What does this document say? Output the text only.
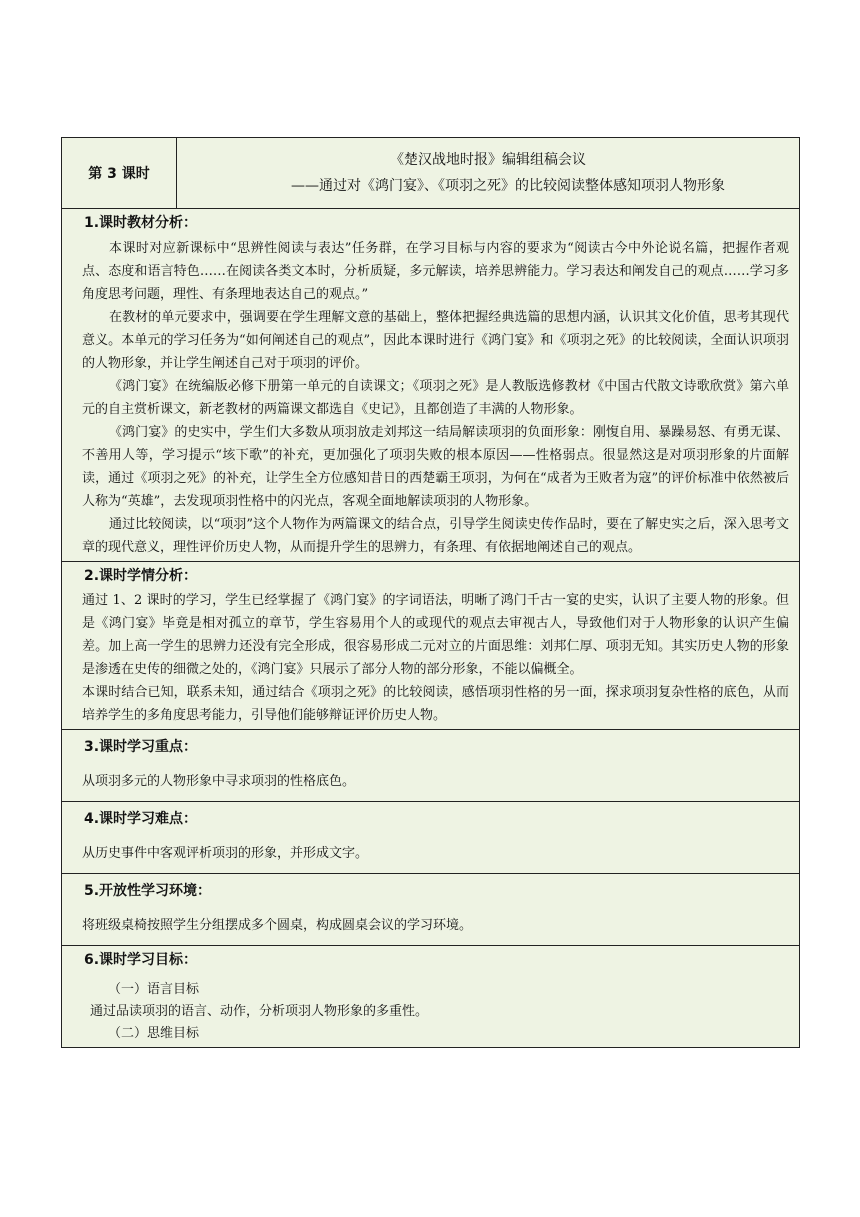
第 3 课时	
《楚汉战地时报》编辑组稿会议
——通过对《鸿门宴》、《项羽之死》的比较阅读整体感知项羽人物形象

1.课时教材分析：

本课时对应新课标中“思辨性阅读与表达”任务群，在学习目标与内容的要求为“阅读古今中外论说名篇，把握作者观点、态度和语言特色……在阅读各类文本时，分析质疑，多元解读，培养思辨能力。学习表达和阐发自己的观点……学习多角度思考问题，理性、有条理地表达自己的观点。”

在教材的单元要求中，强调要在学生理解文意的基础上，整体把握经典选篇的思想内涵，认识其文化价值，思考其现代意义。本单元的学习任务为“如何阐述自己的观点”，因此本课时进行《鸿门宴》和《项羽之死》的比较阅读，全面认识项羽的人物形象，并让学生阐述自己对于项羽的评价。

《鸿门宴》在统编版必修下册第一单元的自读课文；《项羽之死》是人教版选修教材《中国古代散文诗歌欣赏》第六单元的自主赏析课文，新老教材的两篇课文都选自《史记》，且都创造了丰满的人物形象。

《鸿门宴》的史实中，学生们大多数从项羽放走刘邦这一结局解读项羽的负面形象：刚愎自用、暴躁易怒、有勇无谋、不善用人等，学习提示“垓下歌”的补充，更加强化了项羽失败的根本原因——性格弱点。很显然这是对项羽形象的片面解读，通过《项羽之死》的补充，让学生全方位感知昔日的西楚霸王项羽，为何在“成者为王败者为寇”的评价标准中依然被后人称为“英雄”，去发现项羽性格中的闪光点，客观全面地解读项羽的人物形象。

通过比较阅读，以“项羽”这个人物作为两篇课文的结合点，引导学生阅读史传作品时，要在了解史实之后，深入思考文章的现代意义，理性评价历史人物，从而提升学生的思辨力，有条理、有依据地阐述自己的观点。

2.课时学情分析：

通过 1、2 课时的学习，学生已经掌握了《鸿门宴》的字词语法，明晰了鸿门千古一宴的史实，认识了主要人物的形象。但是《鸿门宴》毕竟是相对孤立的章节，学生容易用个人的或现代的观点去审视古人，导致他们对于人物形象的认识产生偏差。加上高一学生的思辨力还没有完全形成，很容易形成二元对立的片面思维：刘邦仁厚、项羽无知。其实历史人物的形象是渗透在史传的细微之处的，《鸿门宴》只展示了部分人物的部分形象，不能以偏概全。

本课时结合已知，联系未知，通过结合《项羽之死》的比较阅读，感悟项羽性格的另一面，探求项羽复杂性格的底色，从而培养学生的多角度思考能力，引导他们能够辩证评价历史人物。

3.课时学习重点：

从项羽多元的人物形象中寻求项羽的性格底色。

4.课时学习难点：

从历史事件中客观评析项羽的形象，并形成文字。

5.开放性学习环境：

将班级桌椅按照学生分组摆成多个圆桌，构成圆桌会议的学习环境。

6.课时学习目标：

（一）语言目标

通过品读项羽的语言、动作，分析项羽人物形象的多重性。

（二）思维目标
